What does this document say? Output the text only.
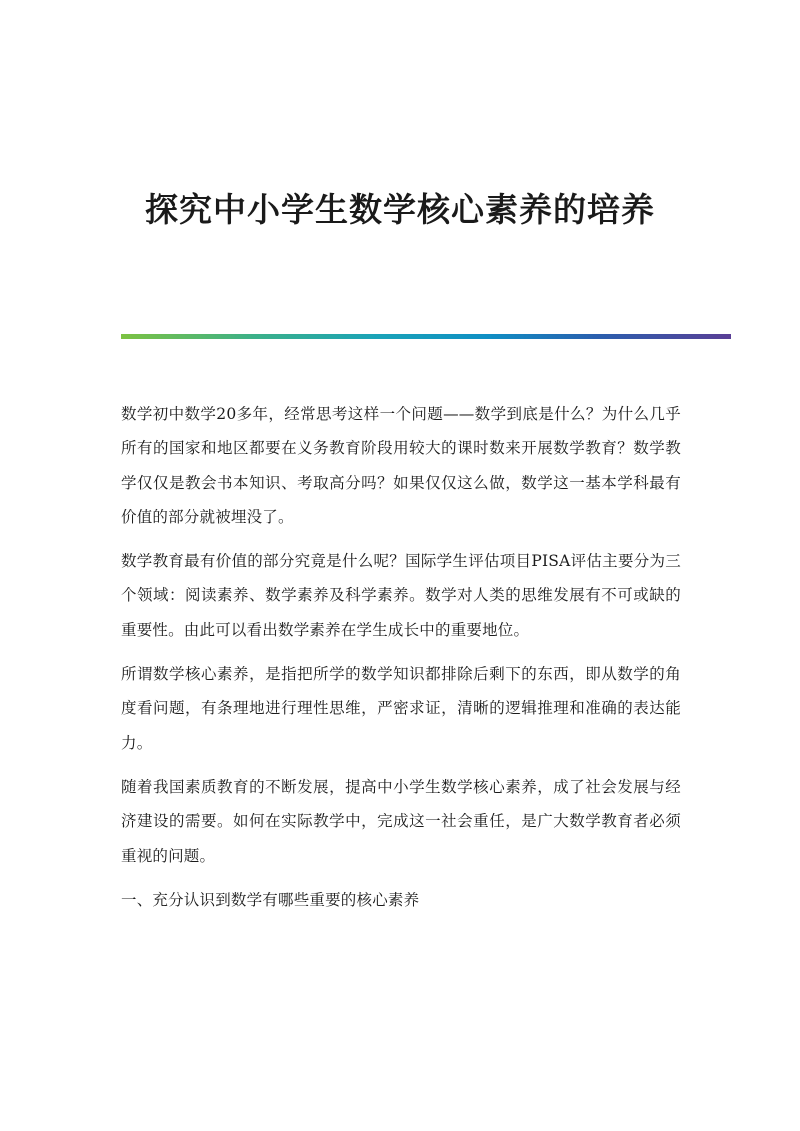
探究中小学生数学核心素养的培养

数学初中数学20多年，经常思考这样一个问题——数学到底是什么？为什么几乎所有的国家和地区都要在义务教育阶段用较大的课时数来开展数学教育？数学教学仅仅是教会书本知识、考取高分吗？如果仅仅这么做，数学这一基本学科最有价值的部分就被埋没了。

数学教育最有价值的部分究竟是什么呢？国际学生评估项目PISA评估主要分为三个领域：阅读素养、数学素养及科学素养。数学对人类的思维发展有不可或缺的重要性。由此可以看出数学素养在学生成长中的重要地位。

所谓数学核心素养，是指把所学的数学知识都排除后剩下的东西，即从数学的角度看问题，有条理地进行理性思维，严密求证，清晰的逻辑推理和准确的表达能力。

随着我国素质教育的不断发展，提高中小学生数学核心素养，成了社会发展与经济建设的需要。如何在实际教学中，完成这一社会重任，是广大数学教育者必须重视的问题。

一、充分认识到数学有哪些重要的核心素养
